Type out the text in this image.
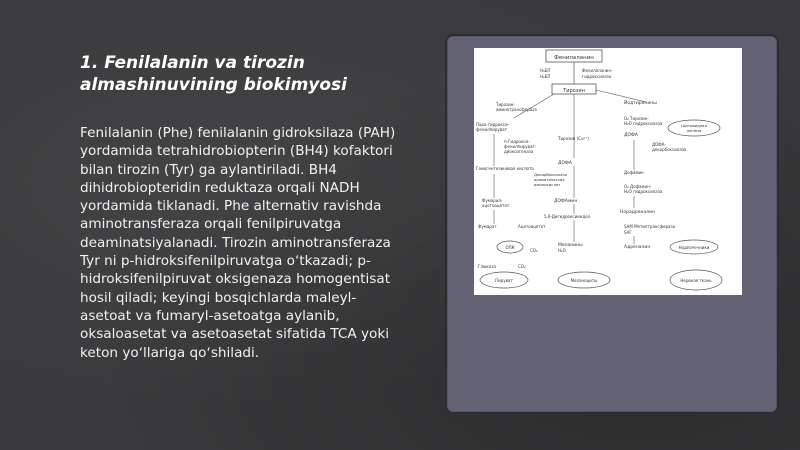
1. Fenilalanin va tirozin almashinuvining biokimyosi
Fenilalanin (Phe) fenilalanin gidroksilaza (PAH) yordamida tetrahidrobiopterin (BH4) kofaktori bilan tirozin (Tyr) ga aylantiriladi. BH4 dihidrobiopteridin reduktaza orqali NADH yordamida tiklanadi. Phe alternativ ravishda aminotransferaza orqali fenilpiruvatga deaminatsiyalanadi. Tirozin aminotransferaza Tyr ni p-hidroksifenilpiruvatga oʻtkazadi; p-hidroksifenilpiruvat oksigenaza homogentisat hosil qiladi; keyingi bosqichlarda maleyl-asetoat va fumaryl-asetoatga aylanib, oksaloasetat va asetoasetat sifatida TCA yoki keton yoʻllariga qoʻshiladi.
Фенилаланин
H₄БП
H₂БП
Фенилаланин-
гидроксилаза
Тирозин
Тирозин-
аминотрансфераза
Пара-гидрокси-
фенилпируват
п-Гидрокси-
фенилпируват-
диоксигеназа
Гомогентизиновая кислота
Фумарил-
ацетоацетат
Фумарат	Ацетоацетат
ОПК
CO₂	H₂O
Глюкоза	CO₂
Тирозин (Cu²⁺)
ДОФА
Декарбоксилаза
ароматических
аминокислот
ДОФАмин
5,6-Дигидроксииндол
Меланины
Йодтиронины
O₂ Тирозин-
H₂O гидроксилаза
ДОФА
ДОФА-
декарбоксилаза
Дофамин
O₂ Дофамин-
H₂O гидроксилаза
Норадреналин
SAM Метилтрансфераза
SAГ
Адреналин
Щитовидная
железа
Надпочечники
Пируват	Меланоциты	Нервная ткань
